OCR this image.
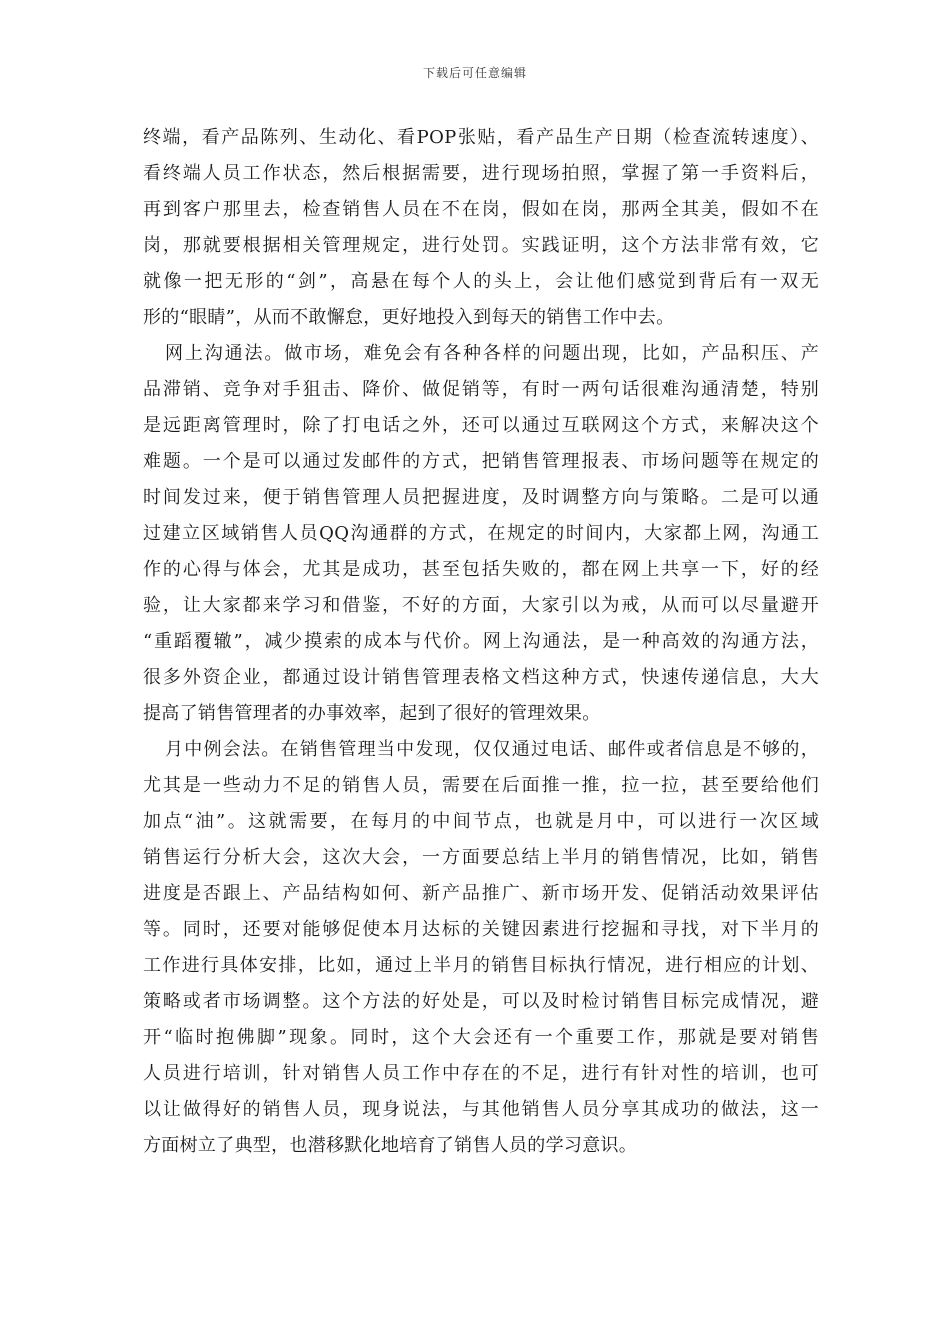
下载后可任意编辑
终端，看产品陈列、生动化、看POP张贴，看产品生产日期（检查流转速度）、
看终端人员工作状态，然后根据需要，进行现场拍照，掌握了第一手资料后，
再到客户那里去，检查销售人员在不在岗，假如在岗，那两全其美，假如不在
岗，那就要根据相关管理规定，进行处罚。实践证明，这个方法非常有效，它
就像一把无形的“剑”，高悬在每个人的头上，会让他们感觉到背后有一双无
形的“眼睛”，从而不敢懈怠，更好地投入到每天的销售工作中去。
网上沟通法。做市场，难免会有各种各样的问题出现，比如，产品积压、产
品滞销、竞争对手狙击、降价、做促销等，有时一两句话很难沟通清楚，特别
是远距离管理时，除了打电话之外，还可以通过互联网这个方式，来解决这个
难题。一个是可以通过发邮件的方式，把销售管理报表、市场问题等在规定的
时间发过来，便于销售管理人员把握进度，及时调整方向与策略。二是可以通
过建立区域销售人员QQ沟通群的方式，在规定的时间内，大家都上网，沟通工
作的心得与体会，尤其是成功，甚至包括失败的，都在网上共享一下，好的经
验，让大家都来学习和借鉴，不好的方面，大家引以为戒，从而可以尽量避开
“重蹈覆辙”，减少摸索的成本与代价。网上沟通法，是一种高效的沟通方法，
很多外资企业，都通过设计销售管理表格文档这种方式，快速传递信息，大大
提高了销售管理者的办事效率，起到了很好的管理效果。
月中例会法。在销售管理当中发现，仅仅通过电话、邮件或者信息是不够的，
尤其是一些动力不足的销售人员，需要在后面推一推，拉一拉，甚至要给他们
加点“油”。这就需要，在每月的中间节点，也就是月中，可以进行一次区域
销售运行分析大会，这次大会，一方面要总结上半月的销售情况，比如，销售
进度是否跟上、产品结构如何、新产品推广、新市场开发、促销活动效果评估
等。同时，还要对能够促使本月达标的关键因素进行挖掘和寻找，对下半月的
工作进行具体安排，比如，通过上半月的销售目标执行情况，进行相应的计划、
策略或者市场调整。这个方法的好处是，可以及时检讨销售目标完成情况，避
开“临时抱佛脚”现象。同时，这个大会还有一个重要工作，那就是要对销售
人员进行培训，针对销售人员工作中存在的不足，进行有针对性的培训，也可
以让做得好的销售人员，现身说法，与其他销售人员分享其成功的做法，这一
方面树立了典型，也潜移默化地培育了销售人员的学习意识。
